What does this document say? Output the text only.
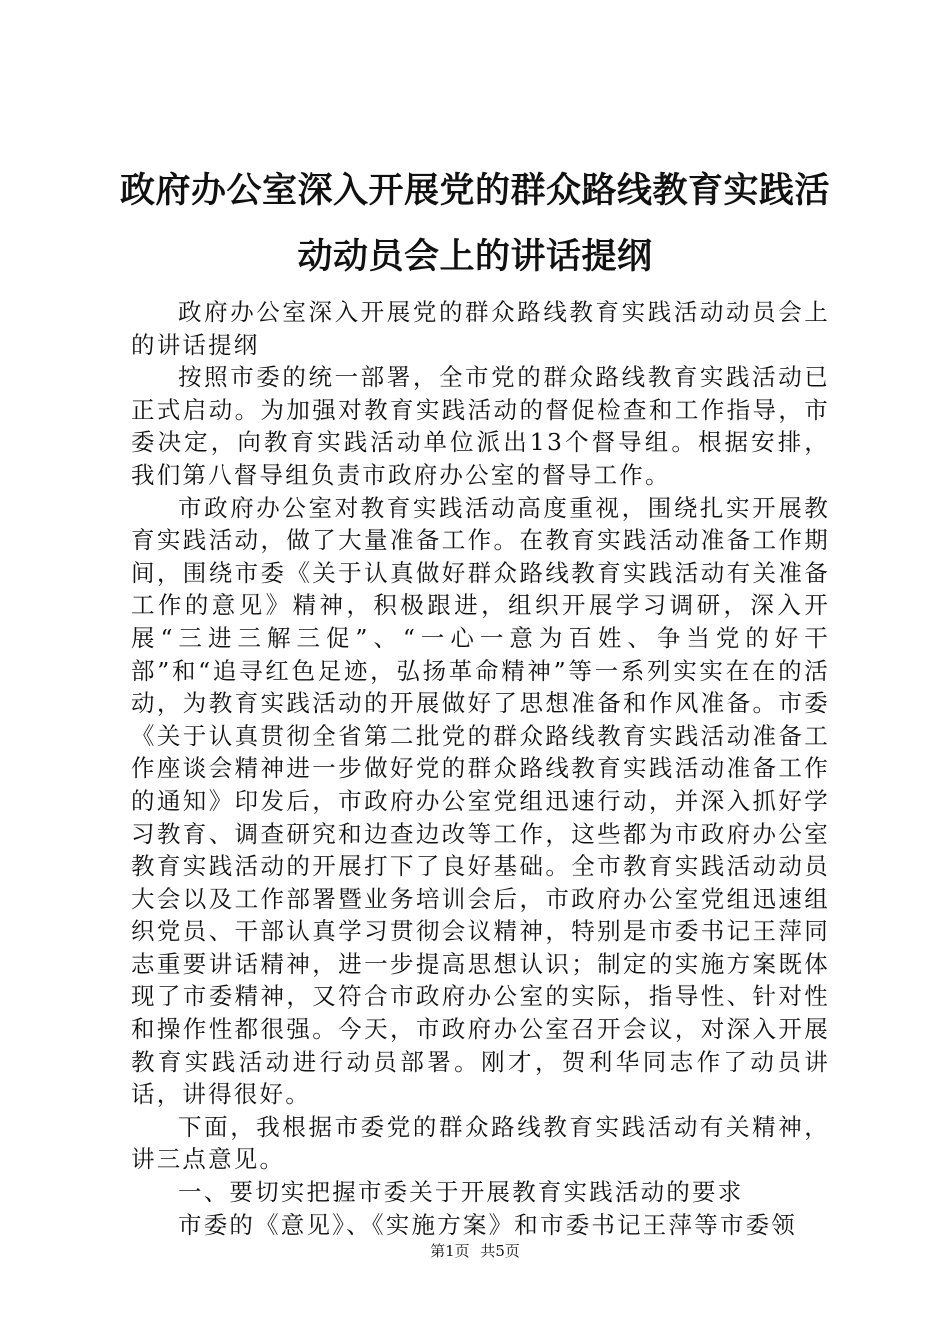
政府办公室深入开展党的群众路线教育实践活动动员会上的讲话提纲

政府办公室深入开展党的群众路线教育实践活动动员会上的讲话提纲

按照市委的统一部署，全市党的群众路线教育实践活动已正式启动。为加强对教育实践活动的督促检查和工作指导，市委决定，向教育实践活动单位派出13个督导组。根据安排，我们第八督导组负责市政府办公室的督导工作。

市政府办公室对教育实践活动高度重视，围绕扎实开展教育实践活动，做了大量准备工作。在教育实践活动准备工作期间，围绕市委《关于认真做好群众路线教育实践活动有关准备工作的意见》精神，积极跟进，组织开展学习调研，深入开展“三进三解三促”、“一心一意为百姓、争当党的好干部”和“追寻红色足迹，弘扬革命精神”等一系列实实在在的活动，为教育实践活动的开展做好了思想准备和作风准备。市委《关于认真贯彻全省第二批党的群众路线教育实践活动准备工作座谈会精神进一步做好党的群众路线教育实践活动准备工作的通知》印发后，市政府办公室党组迅速行动，并深入抓好学习教育、调查研究和边查边改等工作，这些都为市政府办公室教育实践活动的开展打下了良好基础。全市教育实践活动动员大会以及工作部署暨业务培训会后，市政府办公室党组迅速组织党员、干部认真学习贯彻会议精神，特别是市委书记王萍同志重要讲话精神，进一步提高思想认识；制定的实施方案既体现了市委精神，又符合市政府办公室的实际，指导性、针对性和操作性都很强。今天，市政府办公室召开会议，对深入开展教育实践活动进行动员部署。刚才，贺利华同志作了动员讲话，讲得很好。

下面，我根据市委党的群众路线教育实践活动有关精神，讲三点意见。

一、要切实把握市委关于开展教育实践活动的要求

市委的《意见》、《实施方案》和市委书记王萍等市委领

第1页 共5页
